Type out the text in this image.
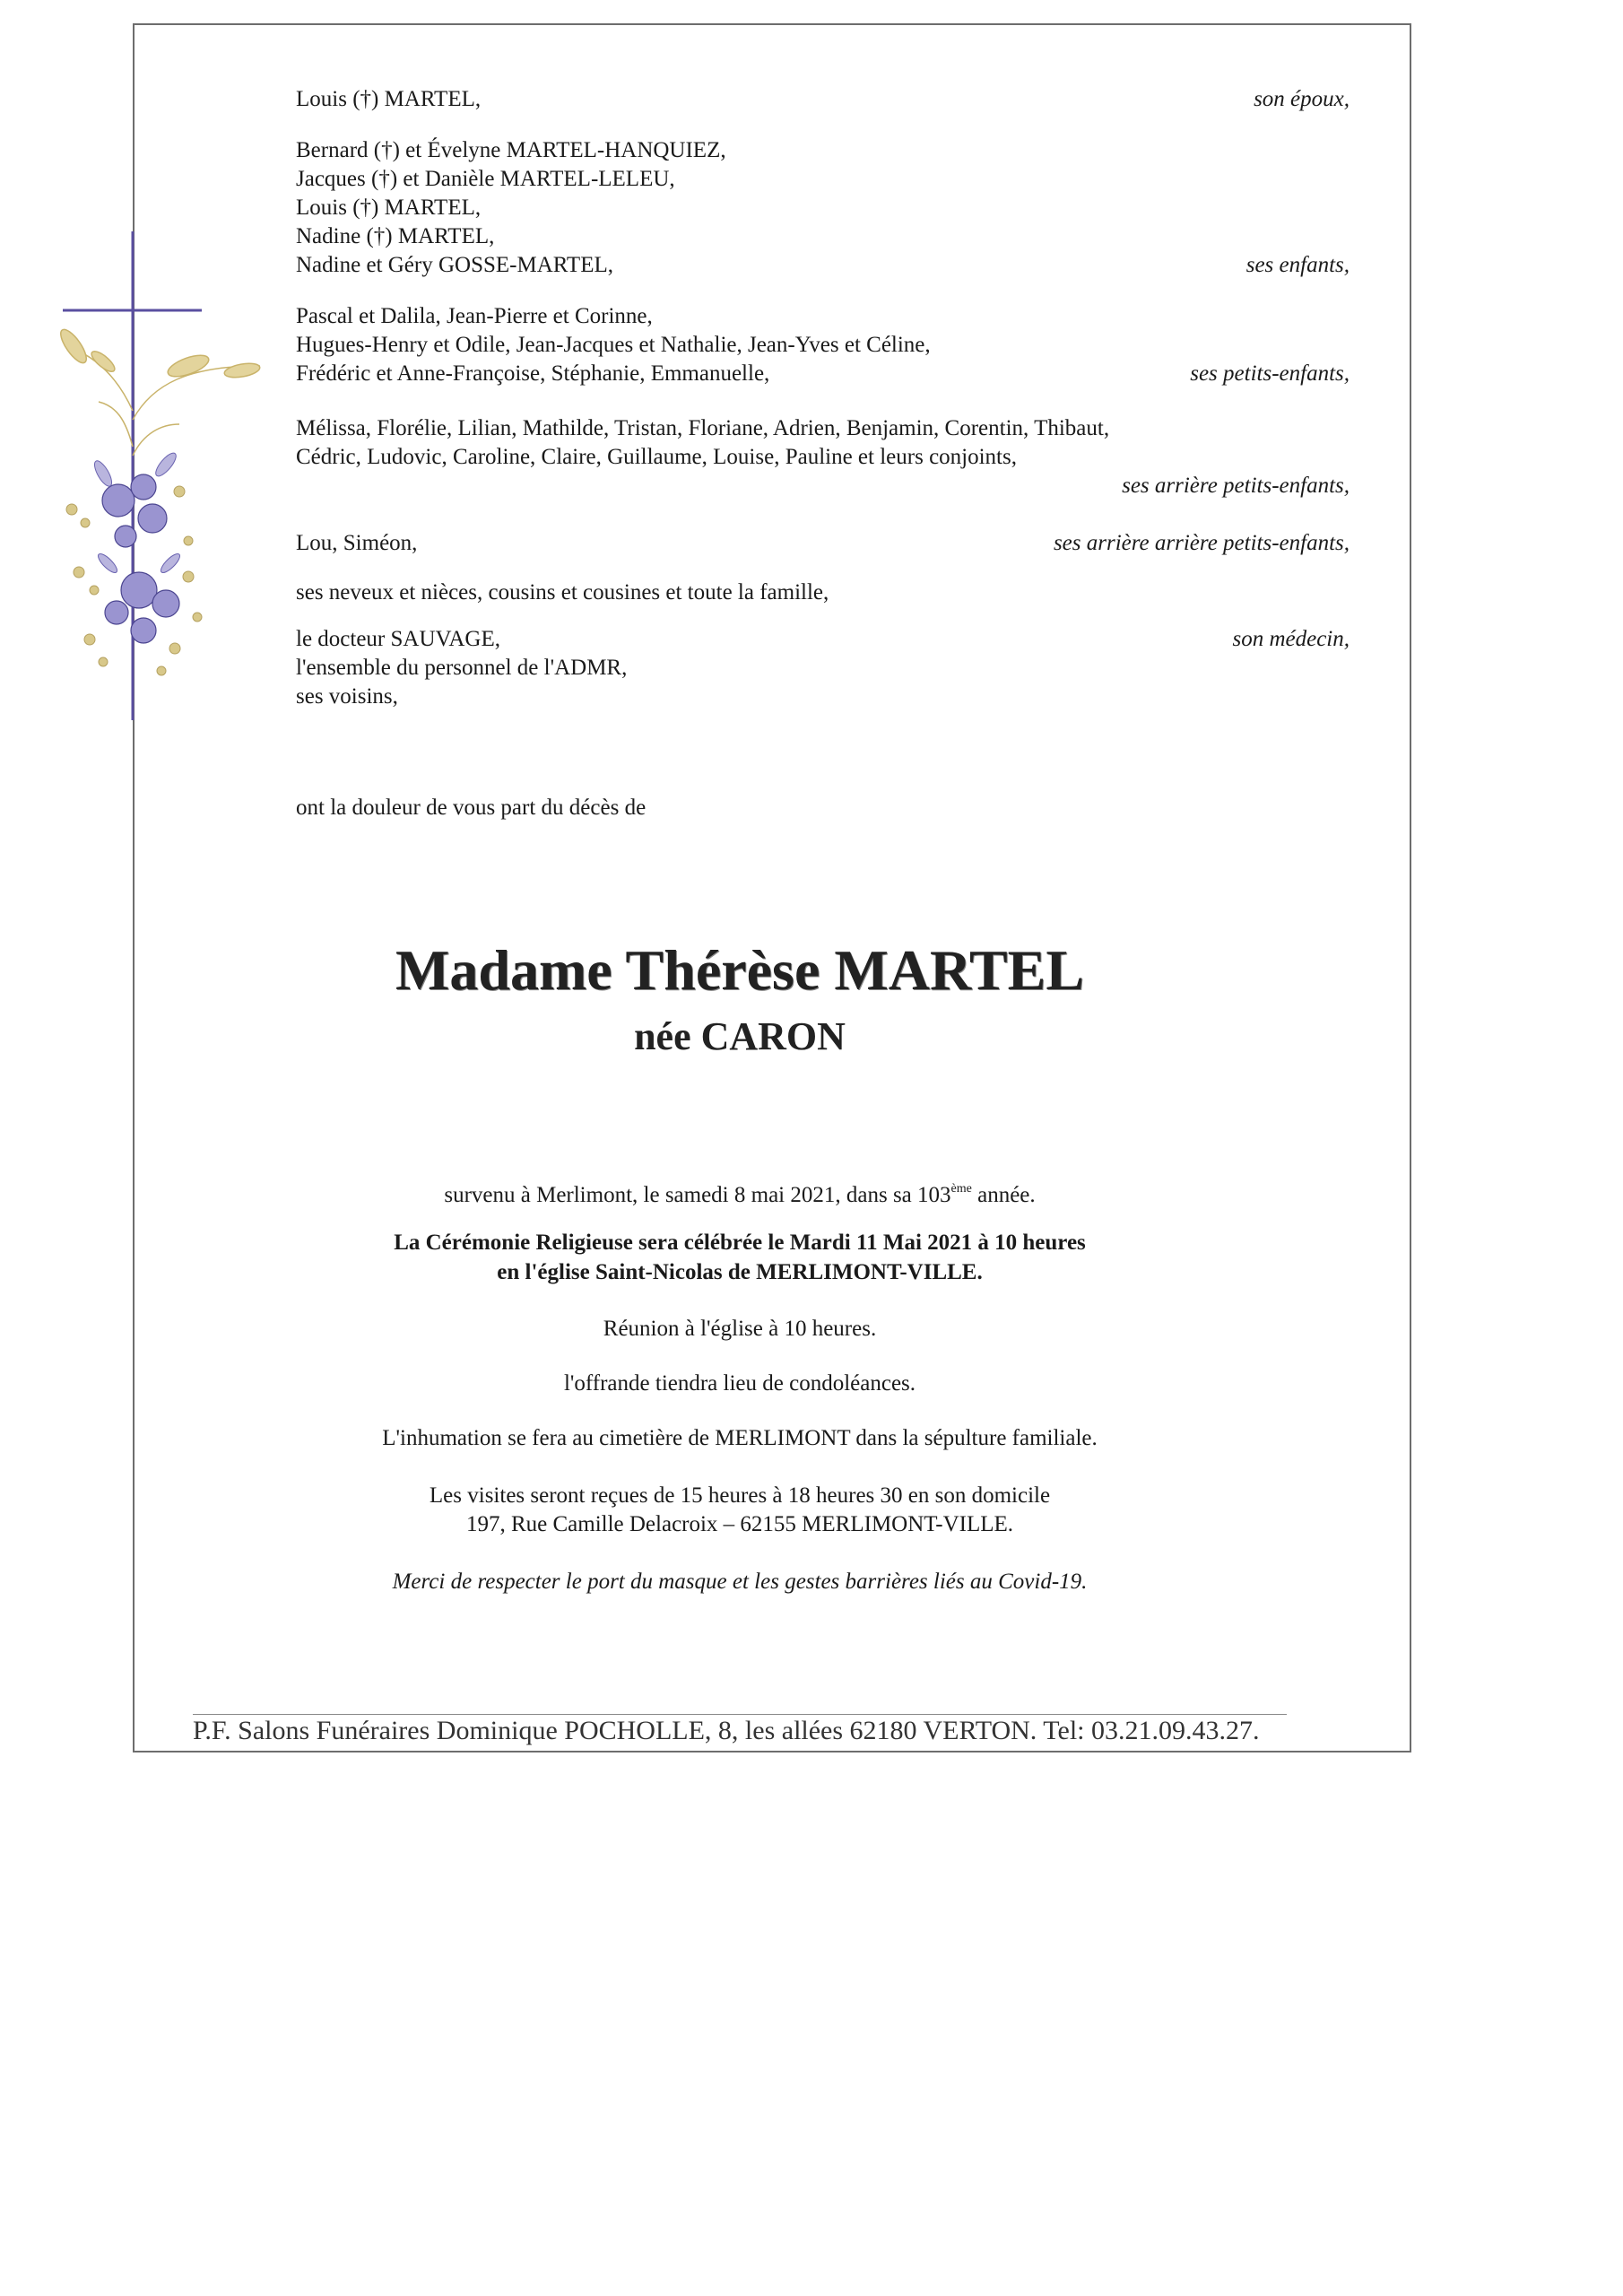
Louis (†) MARTEL,	son époux,
Bernard (†) et Évelyne MARTEL-HANQUIEZ,
Jacques (†) et Danièle MARTEL-LELEU,
Louis (†) MARTEL,
Nadine (†) MARTEL,
Nadine et Géry GOSSE-MARTEL,	ses enfants,
Pascal et Dalila, Jean-Pierre et Corinne,
Hugues-Henry et Odile, Jean-Jacques et Nathalie, Jean-Yves et Céline,
Frédéric et Anne-Françoise, Stéphanie, Emmanuelle,	ses petits-enfants,
Mélissa, Florélie, Lilian, Mathilde, Tristan, Floriane, Adrien, Benjamin, Corentin, Thibaut,
Cédric, Ludovic, Caroline, Claire, Guillaume, Louise, Pauline et leurs conjoints,
ses arrière petits-enfants,
Lou, Siméon,	ses arrière arrière petits-enfants,
ses neveux et nièces, cousins et cousines et toute la famille,
le docteur SAUVAGE,	son médecin,
l'ensemble du personnel de l'ADMR,
ses voisins,
ont la douleur de vous part du décès de
Madame Thérèse MARTEL
née CARON
survenu à Merlimont, le samedi 8 mai 2021, dans sa 103ème année.
La Cérémonie Religieuse sera célébrée le Mardi 11 Mai 2021 à 10 heures
en l'église Saint-Nicolas de MERLIMONT-VILLE.
Réunion à l'église à 10 heures.
l'offrande tiendra lieu de condoléances.
L'inhumation se fera au cimetière de MERLIMONT dans la sépulture familiale.
Les visites seront reçues de 15 heures à 18 heures 30 en son domicile
197, Rue Camille Delacroix – 62155 MERLIMONT-VILLE.
Merci de respecter le port du masque et les gestes barrières liés au Covid-19.
P.F. Salons Funéraires Dominique POCHOLLE, 8, les allées 62180 VERTON. Tel: 03.21.09.43.27.
